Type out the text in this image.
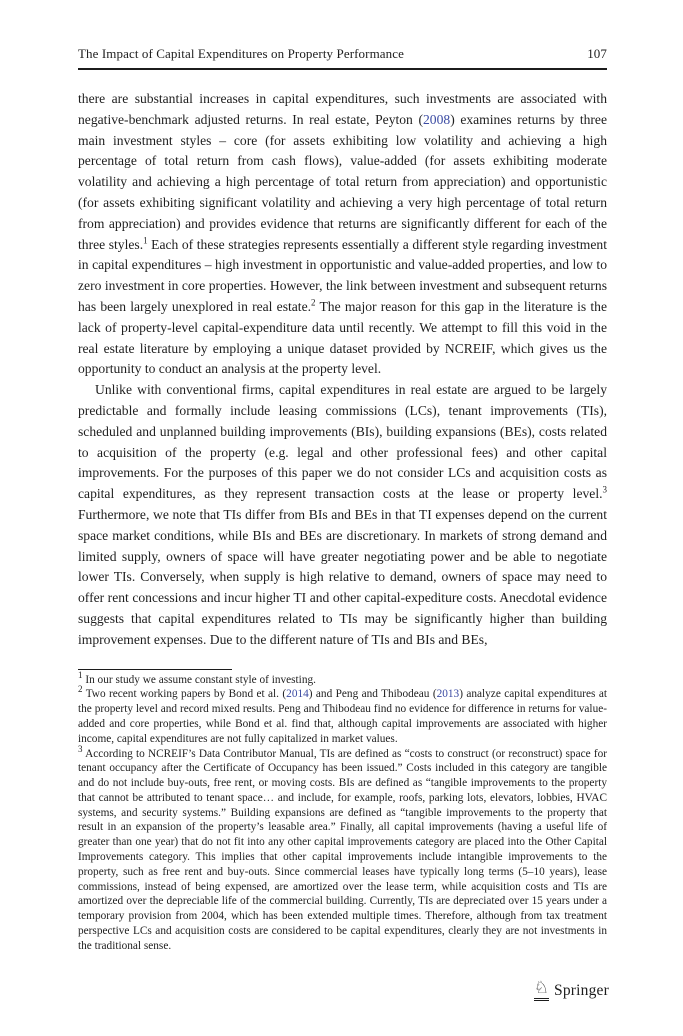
The Impact of Capital Expenditures on Property Performance	107

there are substantial increases in capital expenditures, such investments are associated with negative-benchmark adjusted returns. In real estate, Peyton (2008) examines returns by three main investment styles – core (for assets exhibiting low volatility and achieving a high percentage of total return from cash flows), value-added (for assets exhibiting moderate volatility and achieving a high percentage of total return from appreciation) and opportunistic (for assets exhibiting significant volatility and achieving a very high percentage of total return from appreciation) and provides evidence that returns are significantly different for each of the three styles.$^1$ Each of these strategies represents essentially a different style regarding investment in capital expenditures – high investment in opportunistic and value-added properties, and low to zero investment in core properties. However, the link between investment and subsequent returns has been largely unexplored in real estate.$^2$ The major reason for this gap in the literature is the lack of property-level capital-expenditure data until recently. We attempt to fill this void in the real estate literature by employing a unique dataset provided by NCREIF, which gives us the opportunity to conduct an analysis at the property level.

Unlike with conventional firms, capital expenditures in real estate are argued to be largely predictable and formally include leasing commissions (LCs), tenant improvements (TIs), scheduled and unplanned building improvements (BIs), building expansions (BEs), costs related to acquisition of the property (e.g. legal and other professional fees) and other capital improvements. For the purposes of this paper we do not consider LCs and acquisition costs as capital expenditures, as they represent transaction costs at the lease or property level.$^3$ Furthermore, we note that TIs differ from BIs and BEs in that TI expenses depend on the current space market conditions, while BIs and BEs are discretionary. In markets of strong demand and limited supply, owners of space will have greater negotiating power and be able to negotiate lower TIs. Conversely, when supply is high relative to demand, owners of space may need to offer rent concessions and incur higher TI and other capital-expediture costs. Anecdotal evidence suggests that capital expenditures related to TIs may be significantly higher than building improvement expenses. Due to the different nature of TIs and BIs and BEs,

$^1$ In our study we assume constant style of investing.

$^2$ Two recent working papers by Bond et al. (2014) and Peng and Thibodeau (2013) analyze capital expenditures at the property level and record mixed results. Peng and Thibodeau find no evidence for difference in returns for value-added and core properties, while Bond et al. find that, although capital improvements are associated with higher income, capital expenditures are not fully capitalized in market values.

$^3$ According to NCREIF’s Data Contributor Manual, TIs are defined as “costs to construct (or reconstruct) space for tenant occupancy after the Certificate of Occupancy has been issued.” Costs included in this category are tangible and do not include buy-outs, free rent, or moving costs. BIs are defined as “tangible improvements to the property that cannot be attributed to tenant space… and include, for example, roofs, parking lots, elevators, lobbies, HVAC systems, and security systems.” Building expansions are defined as “tangible improvements to the property that result in an expansion of the property’s leasable area.” Finally, all capital improvements (having a useful life of greater than one year) that do not fit into any other capital improvements category are placed into the Other Capital Improvements category. This implies that other capital improvements include intangible improvements to the property, such as free rent and buy-outs. Since commercial leases have typically long terms (5–10 years), lease commissions, instead of being expensed, are amortized over the lease term, while acquisition costs and TIs are amortized over the depreciable life of the commercial building. Currently, TIs are depreciated over 15 years under a temporary provision from 2004, which has been extended multiple times. Therefore, although from tax treatment perspective LCs and acquisition costs are considered to be capital expenditures, clearly they are not investments in the traditional sense.

♘ Springer
